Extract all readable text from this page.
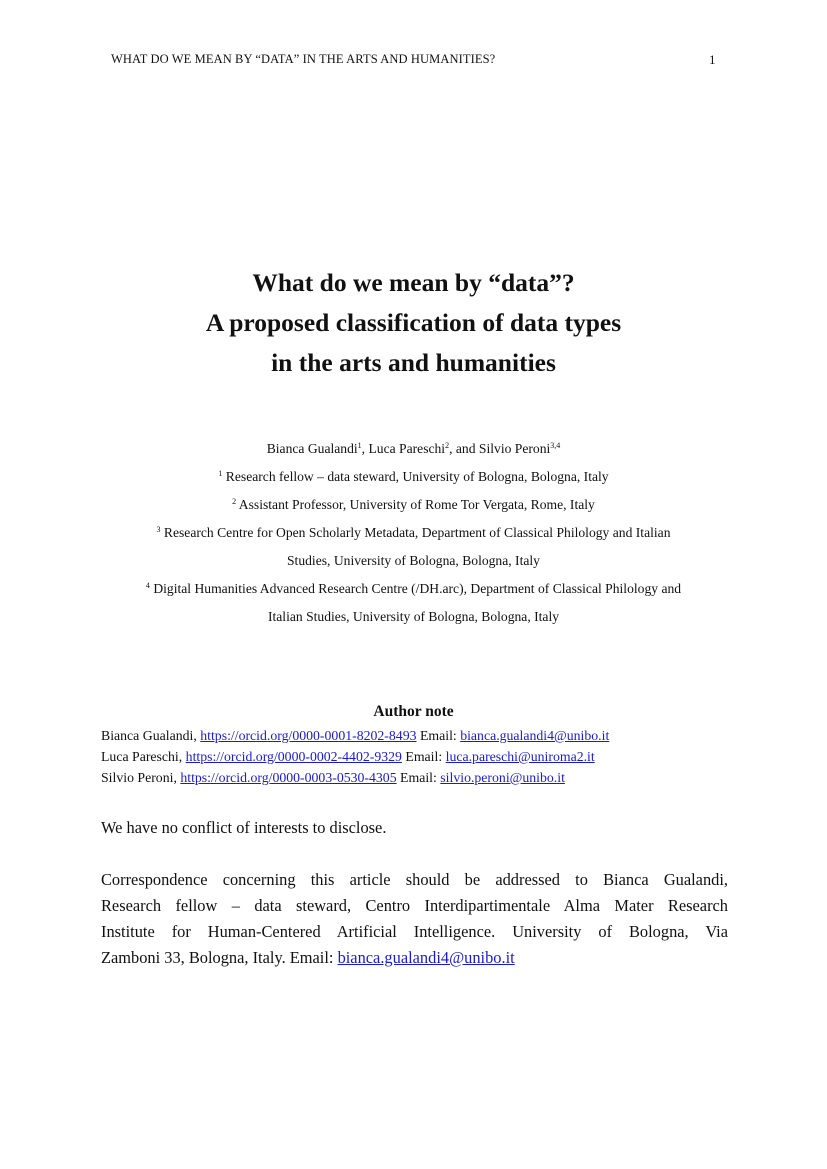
WHAT DO WE MEAN BY “DATA” IN THE ARTS AND HUMANITIES?	1
What do we mean by “data”?
A proposed classification of data types
in the arts and humanities
Bianca Gualandi$^1$, Luca Pareschi$^2$, and Silvio Peroni$^{3,4}$
$^1$ Research fellow – data steward, University of Bologna, Bologna, Italy
$^2$ Assistant Professor, University of Rome Tor Vergata, Rome, Italy
$^3$ Research Centre for Open Scholarly Metadata, Department of Classical Philology and Italian
Studies, University of Bologna, Bologna, Italy
$^4$ Digital Humanities Advanced Research Centre (/DH.arc), Department of Classical Philology and
Italian Studies, University of Bologna, Bologna, Italy
Author note
Bianca Gualandi, https://orcid.org/0000-0001-8202-8493 Email: bianca.gualandi4@unibo.it
Luca Pareschi, https://orcid.org/0000-0002-4402-9329 Email: luca.pareschi@uniroma2.it
Silvio Peroni, https://orcid.org/0000-0003-0530-4305 Email: silvio.peroni@unibo.it
We have no conflict of interests to disclose.
Correspondence concerning this article should be addressed to Bianca Gualandi,
Research fellow – data steward, Centro Interdipartimentale Alma Mater Research
Institute for Human-Centered Artificial Intelligence. University of Bologna, Via
Zamboni 33, Bologna, Italy. Email: bianca.gualandi4@unibo.it
